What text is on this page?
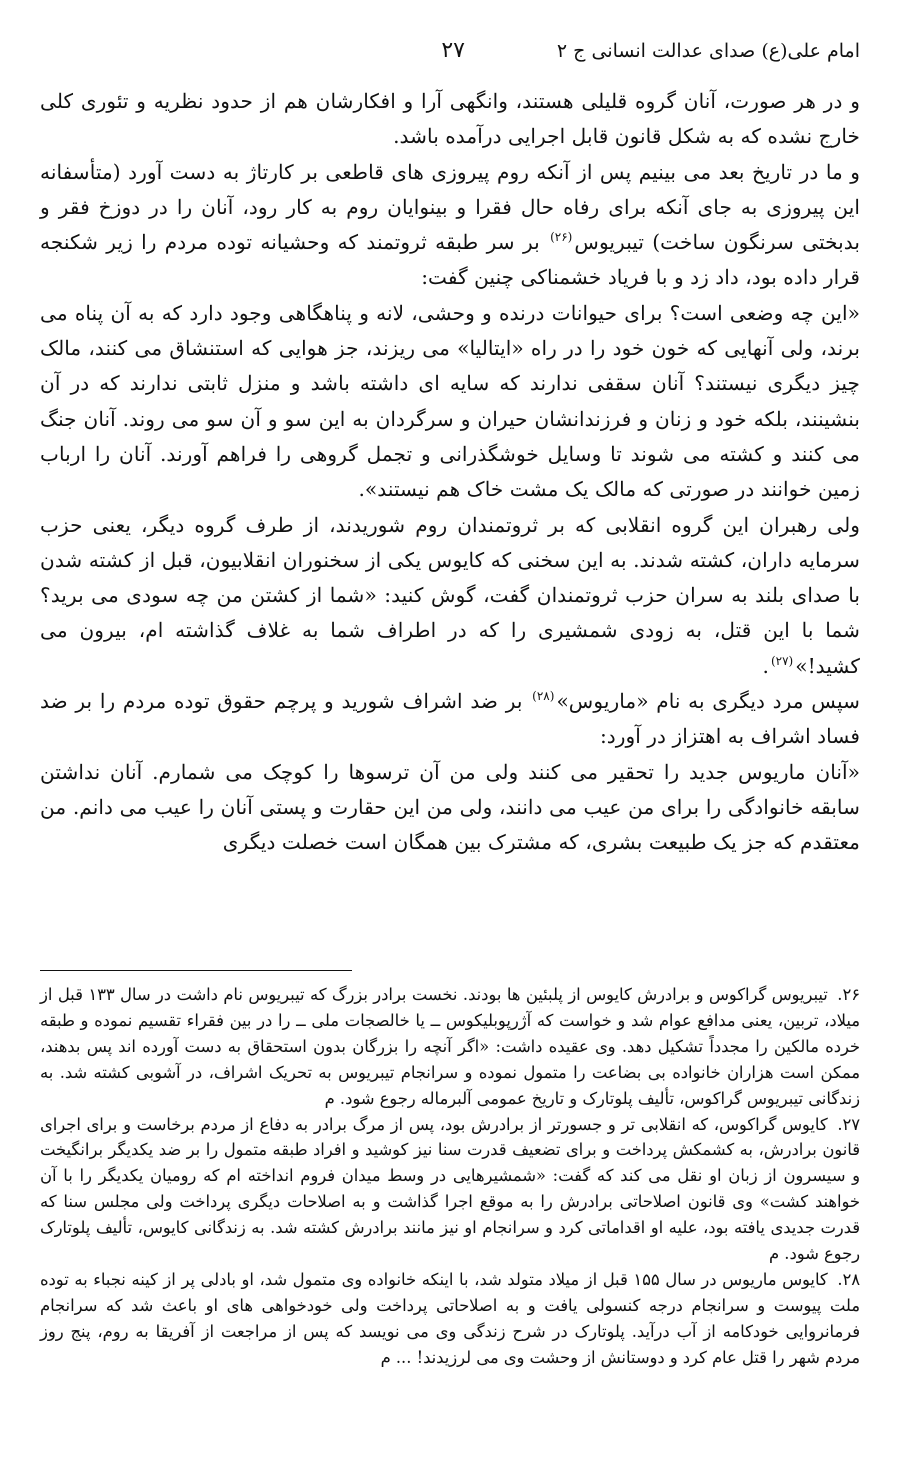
امام علی(ع) صدای عدالت انسانی ج ۲
۲۷

و در هر صورت، آنان گروه قلیلی هستند، وانگهی آرا و افکارشان هم از حدود نظریه و تئوری کلی خارج نشده که به شکل قانون قابل اجرایی درآمده باشد.

و ما در تاریخ بعد می بینیم پس از آنکه روم پیروزی های قاطعی بر کارتاژ به دست آورد (متأسفانه این پیروزی به جای آنکه برای رفاه حال فقرا و بینوایان روم به کار رود، آنان را در دوزخ فقر و بدبختی سرنگون ساخت) تیبریوس$^{(۲۶)}$ بر سر طبقه ثروتمند که وحشیانه توده مردم را زیر شکنجه قرار داده بود، داد زد و با فریاد خشمناکی چنین گفت:

«این چه وضعی است؟ برای حیوانات درنده و وحشی، لانه و پناهگاهی وجود دارد که به آن پناه می برند، ولی آنهایی که خون خود را در راه «ایتالیا» می ریزند، جز هوایی که استنشاق می کنند، مالک چیز دیگری نیستند؟ آنان سقفی ندارند که سایه ای داشته باشد و منزل ثابتی ندارند که در آن بنشینند، بلکه خود و زنان و فرزندانشان حیران و سرگردان به این سو و آن سو می روند. آنان جنگ می کنند و کشته می شوند تا وسایل خوشگذرانی و تجمل گروهی را فراهم آورند. آنان را ارباب زمین خوانند در صورتی که مالک یک مشت خاک هم نیستند».

ولی رهبران این گروه انقلابی که بر ثروتمندان روم شوریدند، از طرف گروه دیگر، یعنی حزب سرمایه داران، کشته شدند. به این سخنی که کایوس یکی از سخنوران انقلابیون، قبل از کشته شدن با صدای بلند به سران حزب ثروتمندان گفت، گوش کنید: «شما از کشتن من چه سودی می برید؟ شما با این قتل، به زودی شمشیری را که در اطراف شما به غلاف گذاشته ام، بیرون می کشید!»$^{(۲۷)}$.

سپس مرد دیگری به نام «ماریوس»$^{(۲۸)}$ بر ضد اشراف شورید و پرچم حقوق توده مردم را بر ضد فساد اشراف به اهتزاز در آورد:

«آنان ماریوس جدید را تحقیر می کنند ولی من آن ترسوها را کوچک می شمارم. آنان نداشتن سابقه خانوادگی را برای من عیب می دانند، ولی من این حقارت و پستی آنان را عیب می دانم. من معتقدم که جز یک طبیعت بشری، که مشترک بین همگان است خصلت دیگری

۲۶. تیبریوس گراکوس و برادرش کایوس از پلبئین ها بودند. نخست برادر بزرگ که تیبریوس نام داشت در سال ۱۳۳ قبل از میلاد، تربین، یعنی مدافع عوام شد و خواست که آژرپوبلیکوس ــ یا خالصجات ملی ــ را در بین فقراء تقسیم نموده و طبقه خرده مالکین را مجدداً تشکیل دهد. وی عقیده داشت: «اگر آنچه را بزرگان بدون استحقاق به دست آورده اند پس بدهند، ممکن است هزاران خانواده بی بضاعت را متمول نموده و سرانجام تیبریوس به تحریک اشراف، در آشوبی کشته شد. به زندگانی تیبریوس گراکوس، تألیف پلوتارک و تاریخ عمومی آلبرماله رجوع شود. م

۲۷. کایوس گراکوس، که انقلابی تر و جسورتر از برادرش بود، پس از مرگ برادر به دفاع از مردم برخاست و برای اجرای قانون برادرش، به کشمکش پرداخت و برای تضعیف قدرت سنا نیز کوشید و افراد طبقه متمول را بر ضد یکدیگر برانگیخت و سیسرون از زبان او نقل می کند که گفت: «شمشیرهایی در وسط میدان فروم انداخته ام که رومیان یکدیگر را با آن خواهند کشت» وی قانون اصلاحاتی برادرش را به موقع اجرا گذاشت و به اصلاحات دیگری پرداخت ولی مجلس سنا که قدرت جدیدی یافته بود، علیه او اقداماتی کرد و سرانجام او نیز مانند برادرش کشته شد. به زندگانی کایوس، تألیف پلوتارک رجوع شود. م

۲۸. کایوس ماریوس در سال ۱۵۵ قبل از میلاد متولد شد، با اینکه خانواده وی متمول شد، او بادلی پر از کینه نجباء به توده ملت پیوست و سرانجام درجه کنسولی یافت و به اصلاحاتی پرداخت ولی خودخواهی های او باعث شد که سرانجام فرمانروایی خودکامه از آب درآید. پلوتارک در شرح زندگی وی می نویسد که پس از مراجعت از آفریقا به روم، پنج روز مردم شهر را قتل عام کرد و دوستانش از وحشت وی می لرزیدند! ... م
